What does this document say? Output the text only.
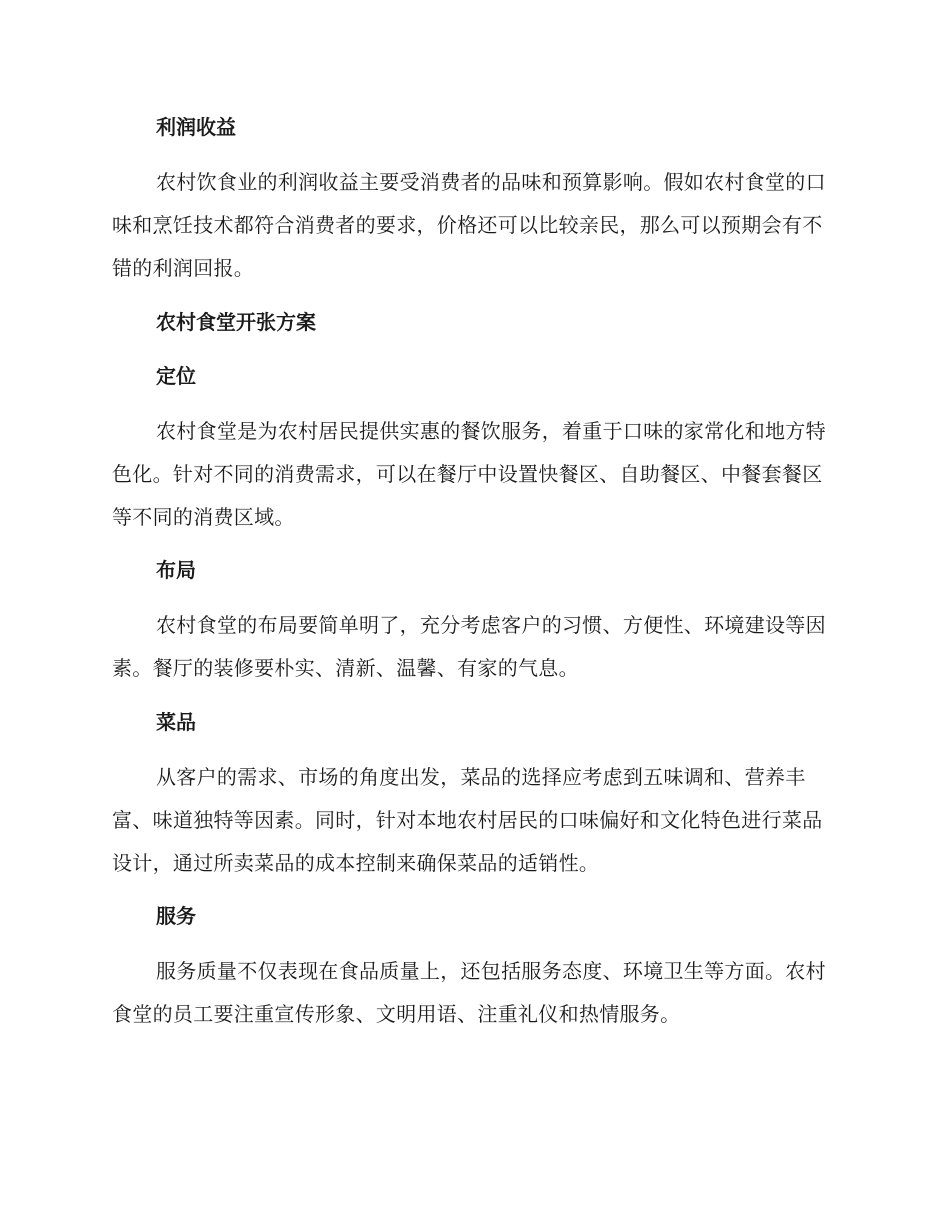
利润收益
农村饮食业的利润收益主要受消费者的品味和预算影响。假如农村食堂的口味和烹饪技术都符合消费者的要求，价格还可以比较亲民，那么可以预期会有不错的利润回报。
农村食堂开张方案
定位
农村食堂是为农村居民提供实惠的餐饮服务，着重于口味的家常化和地方特色化。针对不同的消费需求，可以在餐厅中设置快餐区、自助餐区、中餐套餐区等不同的消费区域。
布局
农村食堂的布局要简单明了，充分考虑客户的习惯、方便性、环境建设等因素。餐厅的装修要朴实、清新、温馨、有家的气息。
菜品
从客户的需求、市场的角度出发，菜品的选择应考虑到五味调和、营养丰富、味道独特等因素。同时，针对本地农村居民的口味偏好和文化特色进行菜品设计，通过所卖菜品的成本控制来确保菜品的适销性。
服务
服务质量不仅表现在食品质量上，还包括服务态度、环境卫生等方面。农村食堂的员工要注重宣传形象、文明用语、注重礼仪和热情服务。
